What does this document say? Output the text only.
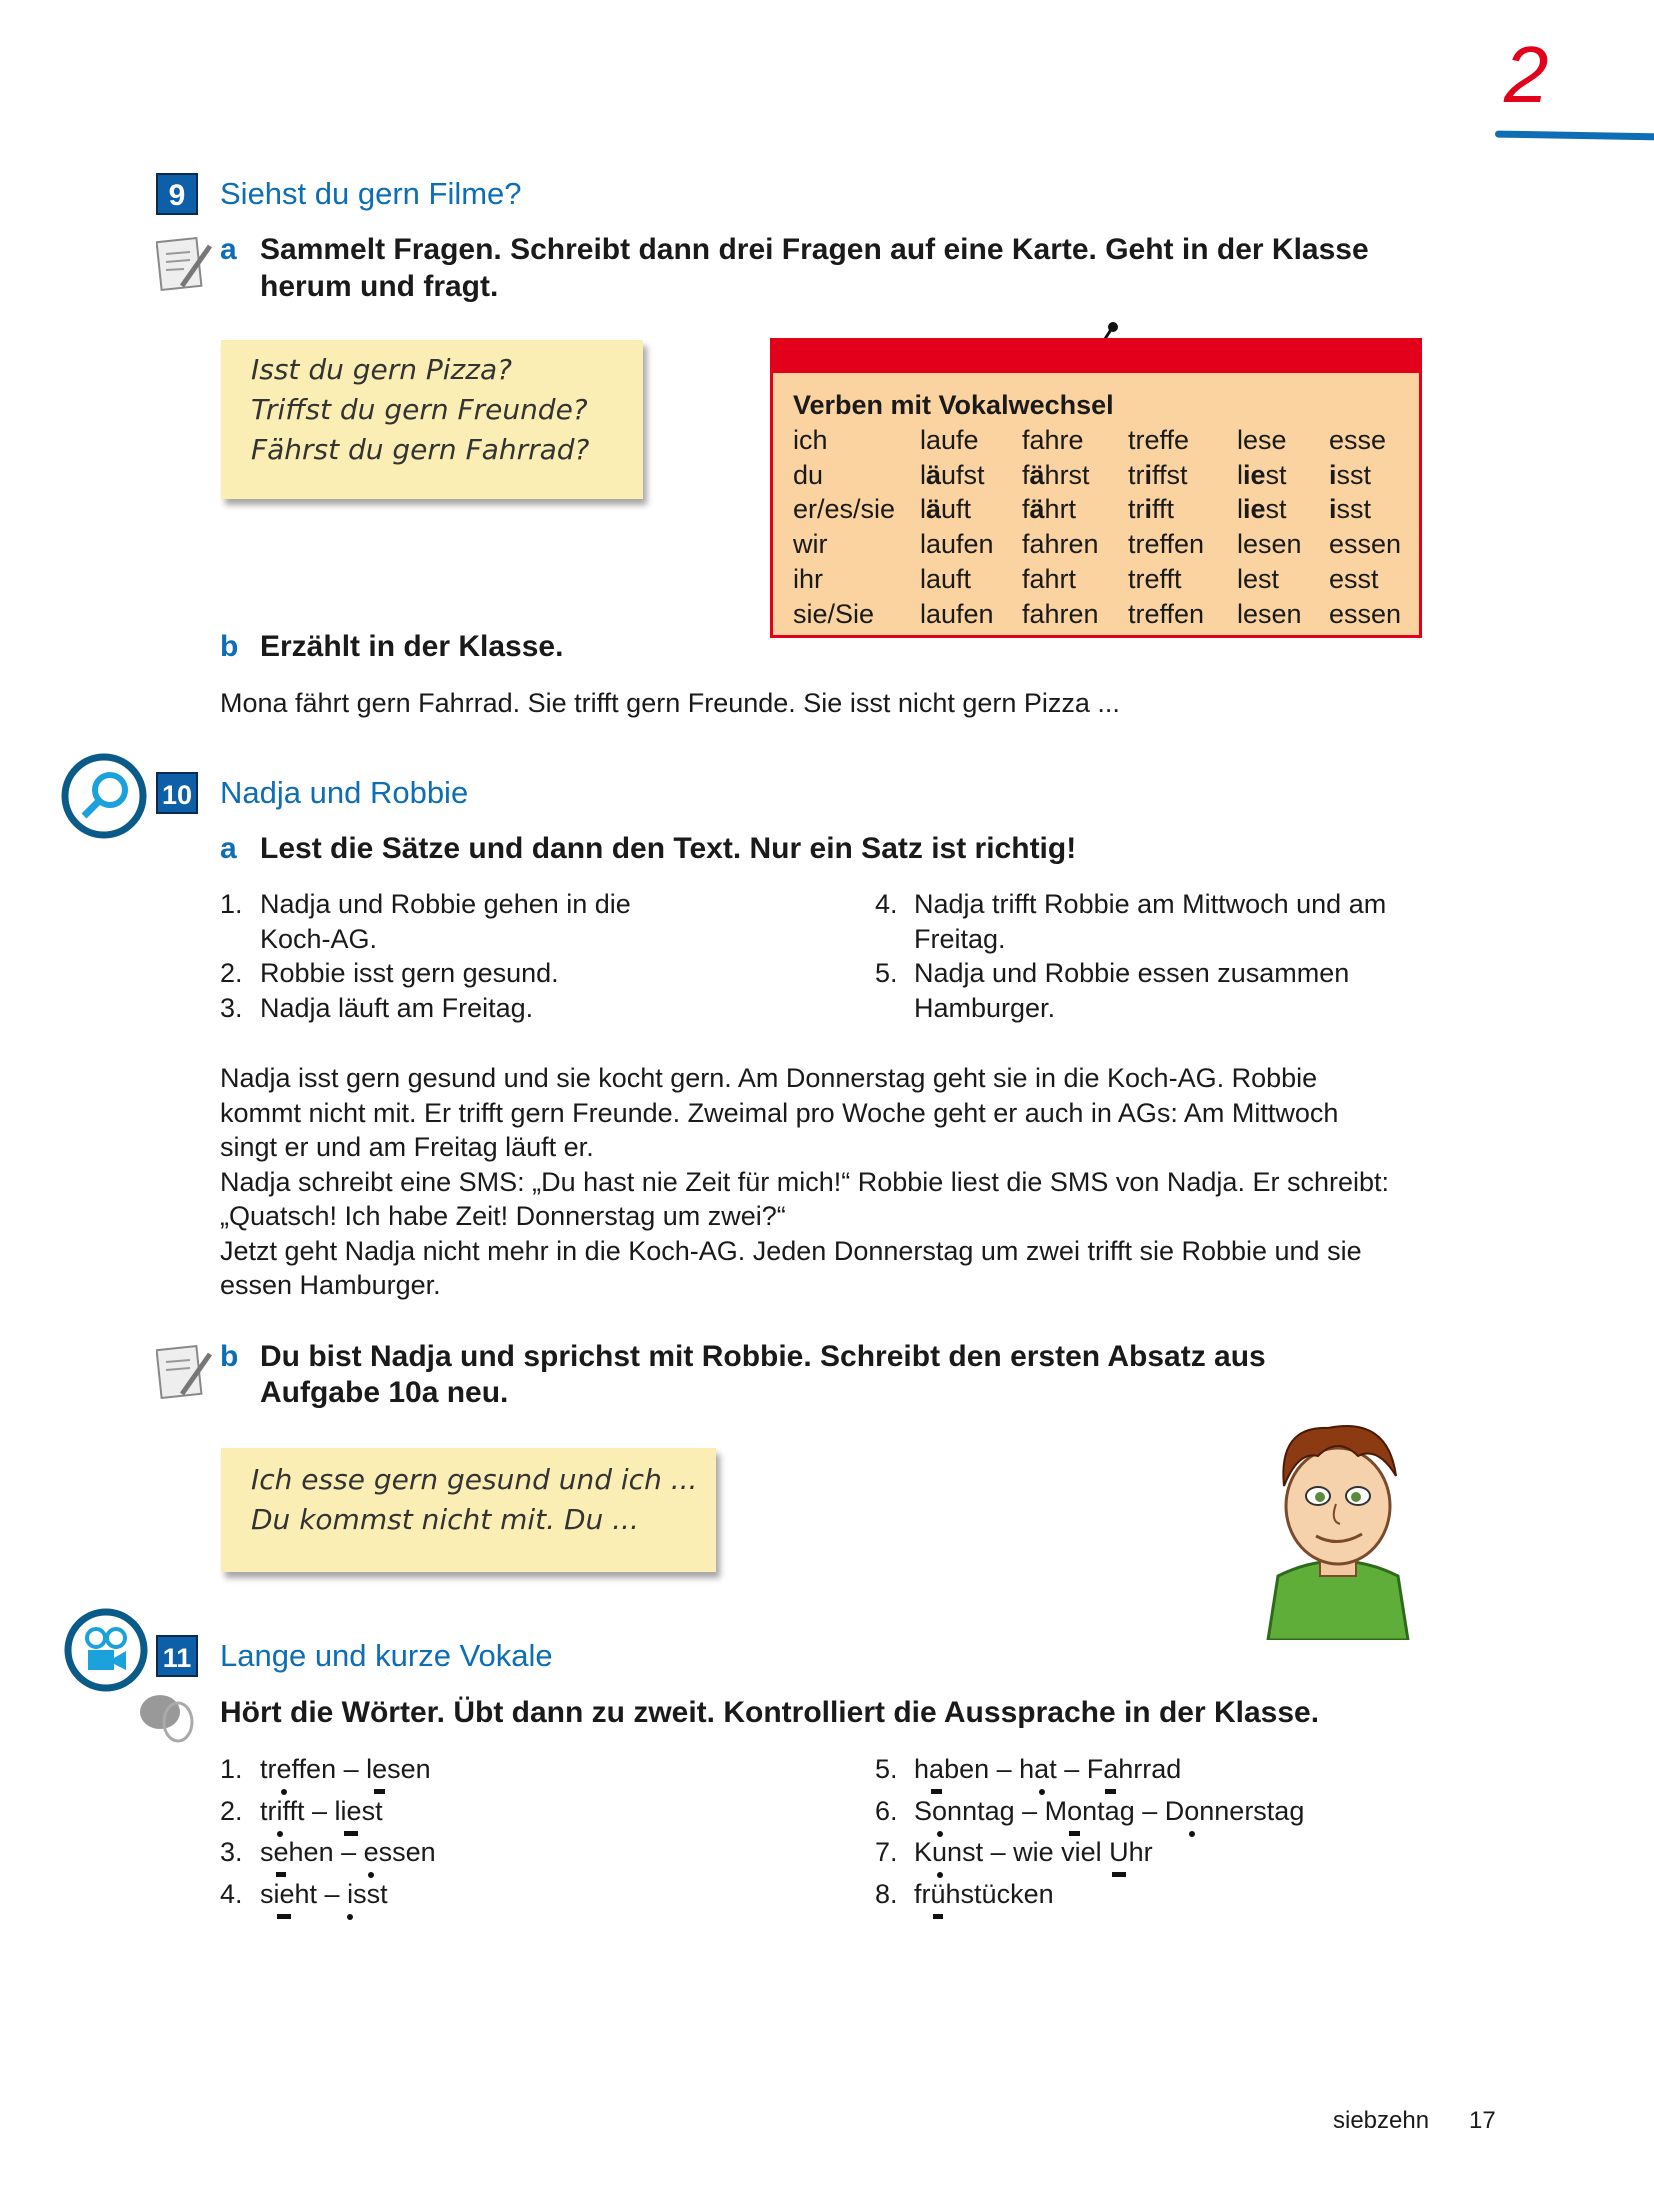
2
9	Siehst du gern Filme?
a Sammelt Fragen. Schreibt dann drei Fragen auf eine Karte. Geht in der Klasse
herum und fragt.
Isst du gern Pizza?
Triffst du gern Freunde?
Fährst du gern Fahrrad?
Verben mit Vokalwechsel
ich	laufe fahre treffe lese esse
du	läufst fährst triffst liest isst
er/es/sie läuft fährt trifft liest isst
wir	laufen fahren treffen lesen essen
ihr	lauft fahrt trefft lest esst
sie/Sie laufen fahren treffen lesen essen
b Erzählt in der Klasse.
Mona fährt gern Fahrrad. Sie trifft gern Freunde. Sie isst nicht gern Pizza ...
10 Nadja und Robbie
a Lest die Sätze und dann den Text. Nur ein Satz ist richtig!
1. Nadja und Robbie gehen in die
Koch-AG.
2. Robbie isst gern gesund.
3. Nadja läuft am Freitag.
4. Nadja trifft Robbie am Mittwoch und am
Freitag.
5. Nadja und Robbie essen zusammen
Hamburger.
Nadja isst gern gesund und sie kocht gern. Am Donnerstag geht sie in die Koch-AG. Robbie
kommt nicht mit. Er trifft gern Freunde. Zweimal pro Woche geht er auch in AGs: Am Mittwoch
singt er und am Freitag läuft er.
Nadja schreibt eine SMS: „Du hast nie Zeit für mich!“ Robbie liest die SMS von Nadja. Er schreibt:
„Quatsch! Ich habe Zeit! Donnerstag um zwei?“
Jetzt geht Nadja nicht mehr in die Koch-AG. Jeden Donnerstag um zwei trifft sie Robbie und sie
essen Hamburger.
b Du bist Nadja und sprichst mit Robbie. Schreibt den ersten Absatz aus
Aufgabe 10a neu.
Ich esse gern gesund und ich ...
Du kommst nicht mit. Du ...
11 Lange und kurze Vokale
Hört die Wörter. Übt dann zu zweit. Kontrolliert die Aussprache in der Klasse.
1. treffen – lesen
2. trifft – liest
3. sehen – essen
4. sieht – isst
5. haben – hat – Fahrrad
6. Sonntag – Montag – Donnerstag
7. Kunst – wie viel Uhr
8. frühstücken
siebzehn 17
